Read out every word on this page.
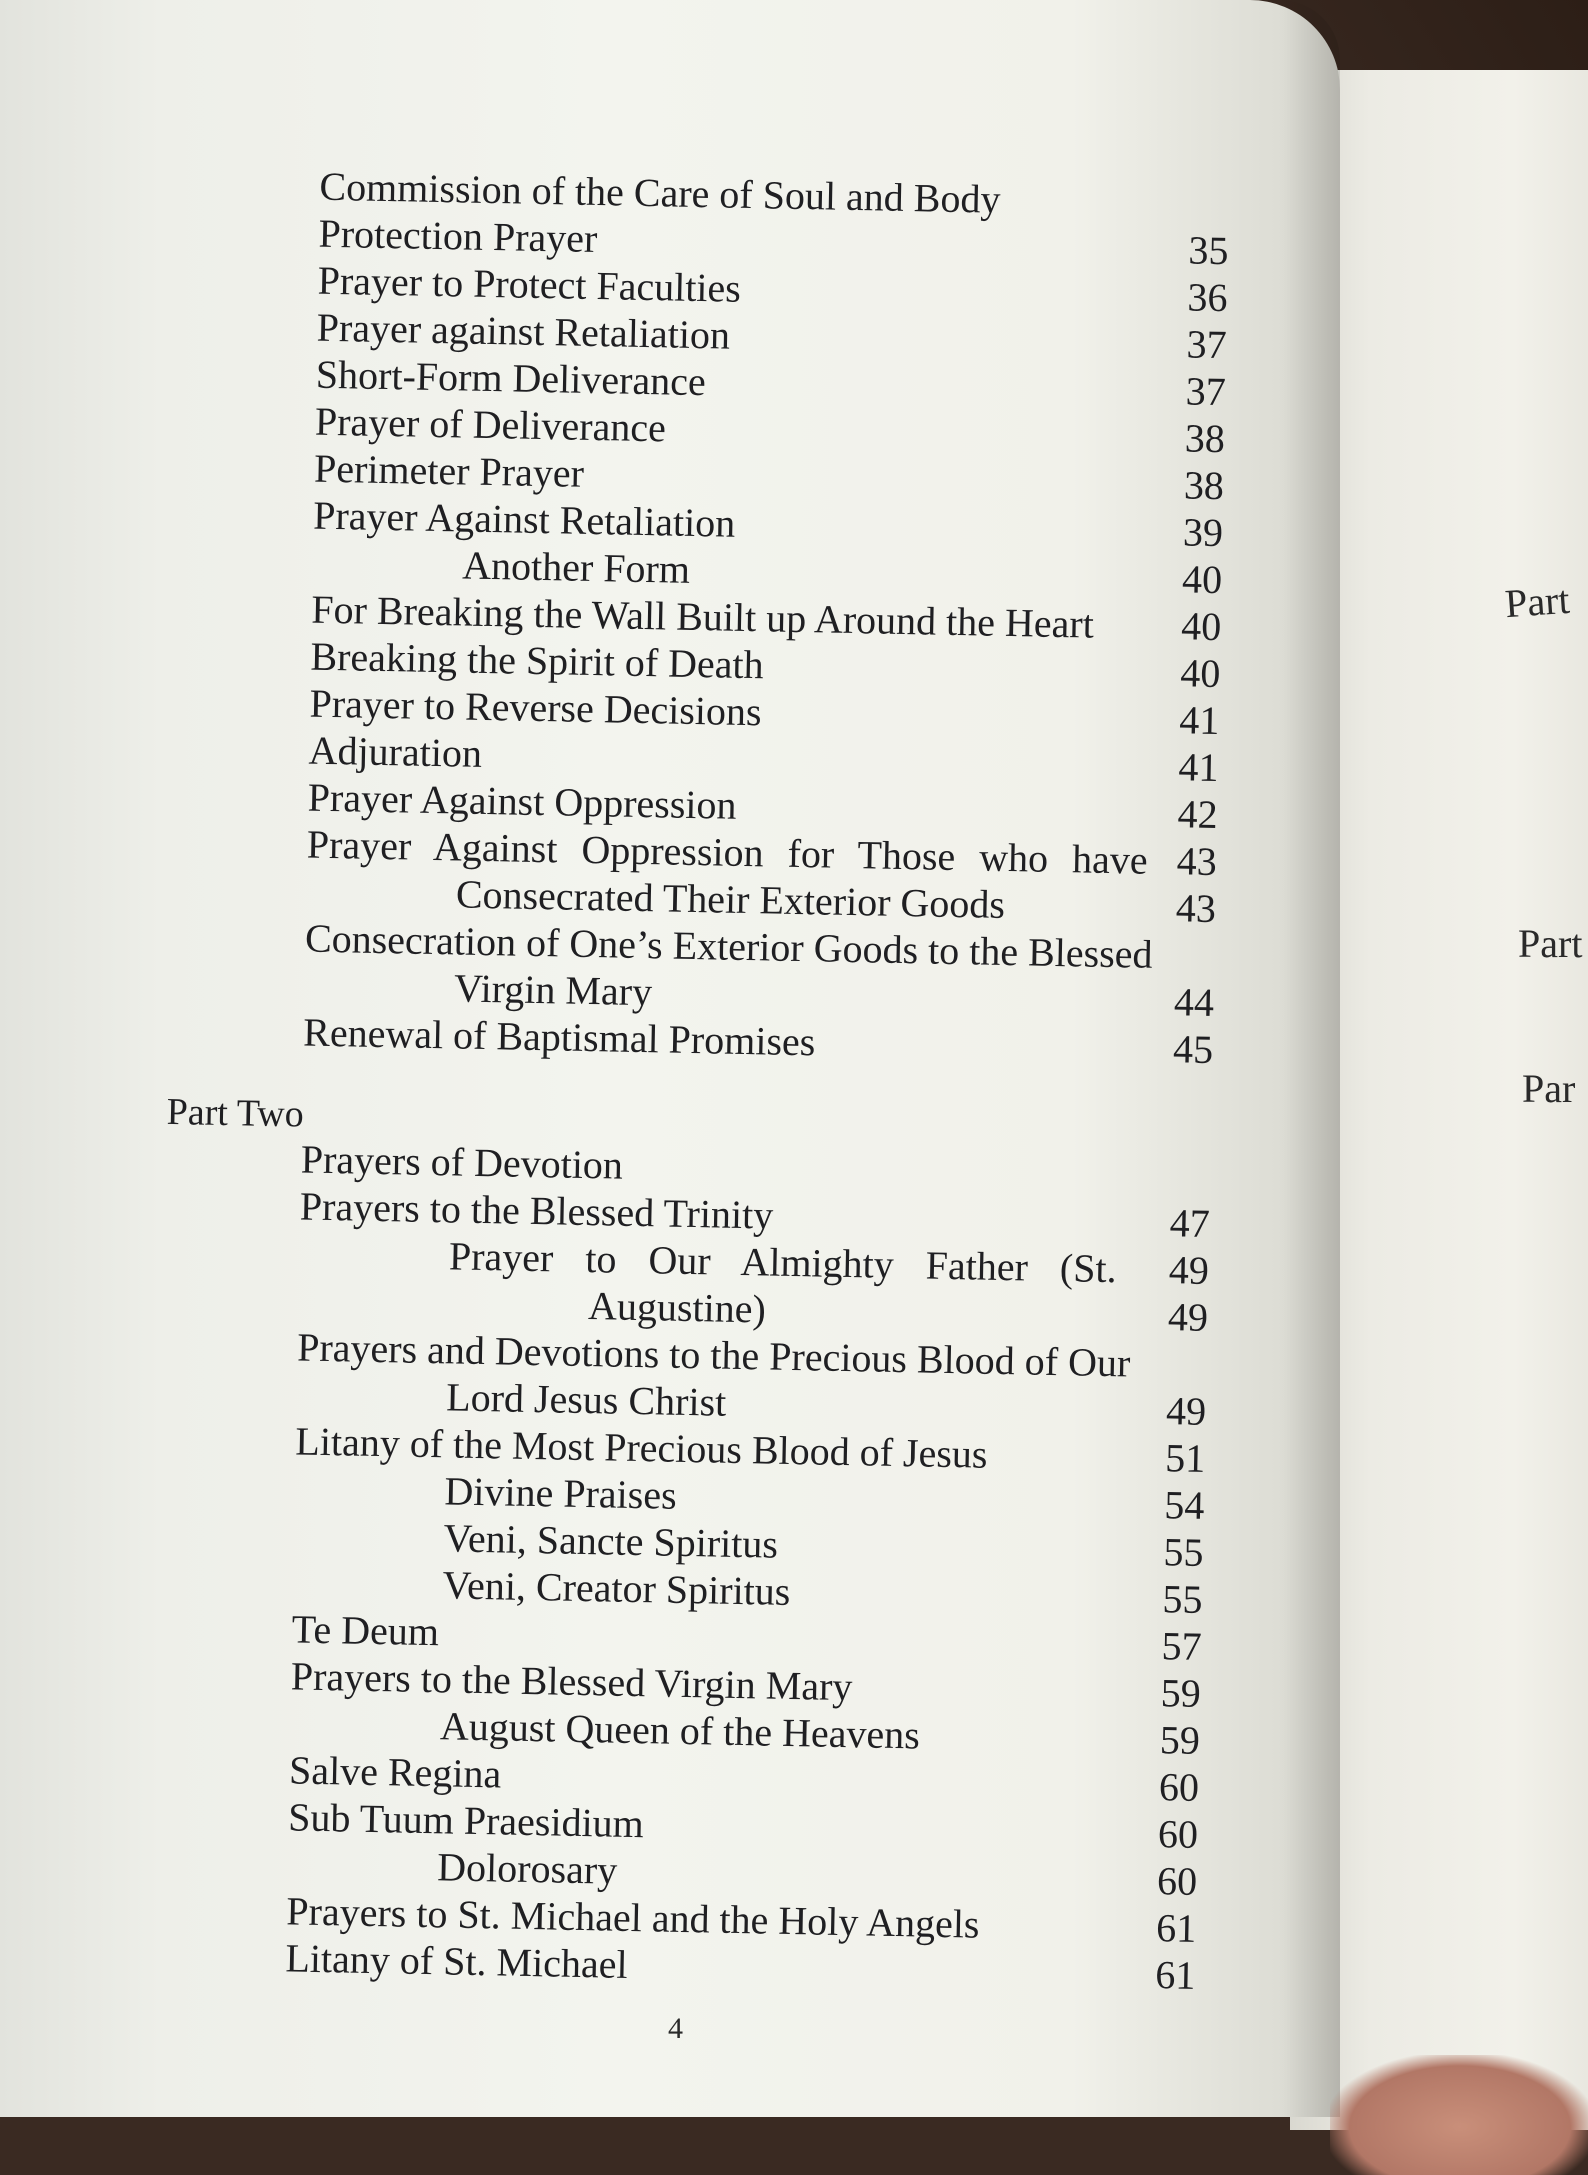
Part
Part
Par
Commission of the Care of Soul and Body
Protection Prayer	35
Prayer to Protect Faculties	36
Prayer against Retaliation	37
Short-Form Deliverance	37
Prayer of Deliverance	38
Perimeter Prayer	38
Prayer Against Retaliation	39
Another Form	40
For Breaking the Wall Built up Around the Heart 40
Breaking the Spirit of Death	40
Prayer to Reverse Decisions	41
Adjuration	41
Prayer Against Oppression	42
Prayer Against Oppression for Those who have 43
Consecrated Their Exterior Goods	43
Consecration of One’s Exterior Goods to the Blessed
Virgin Mary	44
Renewal of Baptismal Promises	45
Part Two
Prayers of Devotion
Prayers to the Blessed Trinity	47
Prayer to Our Almighty Father (St. 49
Augustine)	49
Prayers and Devotions to the Precious Blood of Our
Lord Jesus Christ	49
Litany of the Most Precious Blood of Jesus	51
Divine Praises	54
Veni, Sancte Spiritus	55
Veni, Creator Spiritus	55
Te Deum	57
Prayers to the Blessed Virgin Mary	59
August Queen of the Heavens	59
Salve Regina	60
Sub Tuum Praesidium	60
Dolorosary	60
Prayers to St. Michael and the Holy Angels	61
Litany of St. Michael	61
4
